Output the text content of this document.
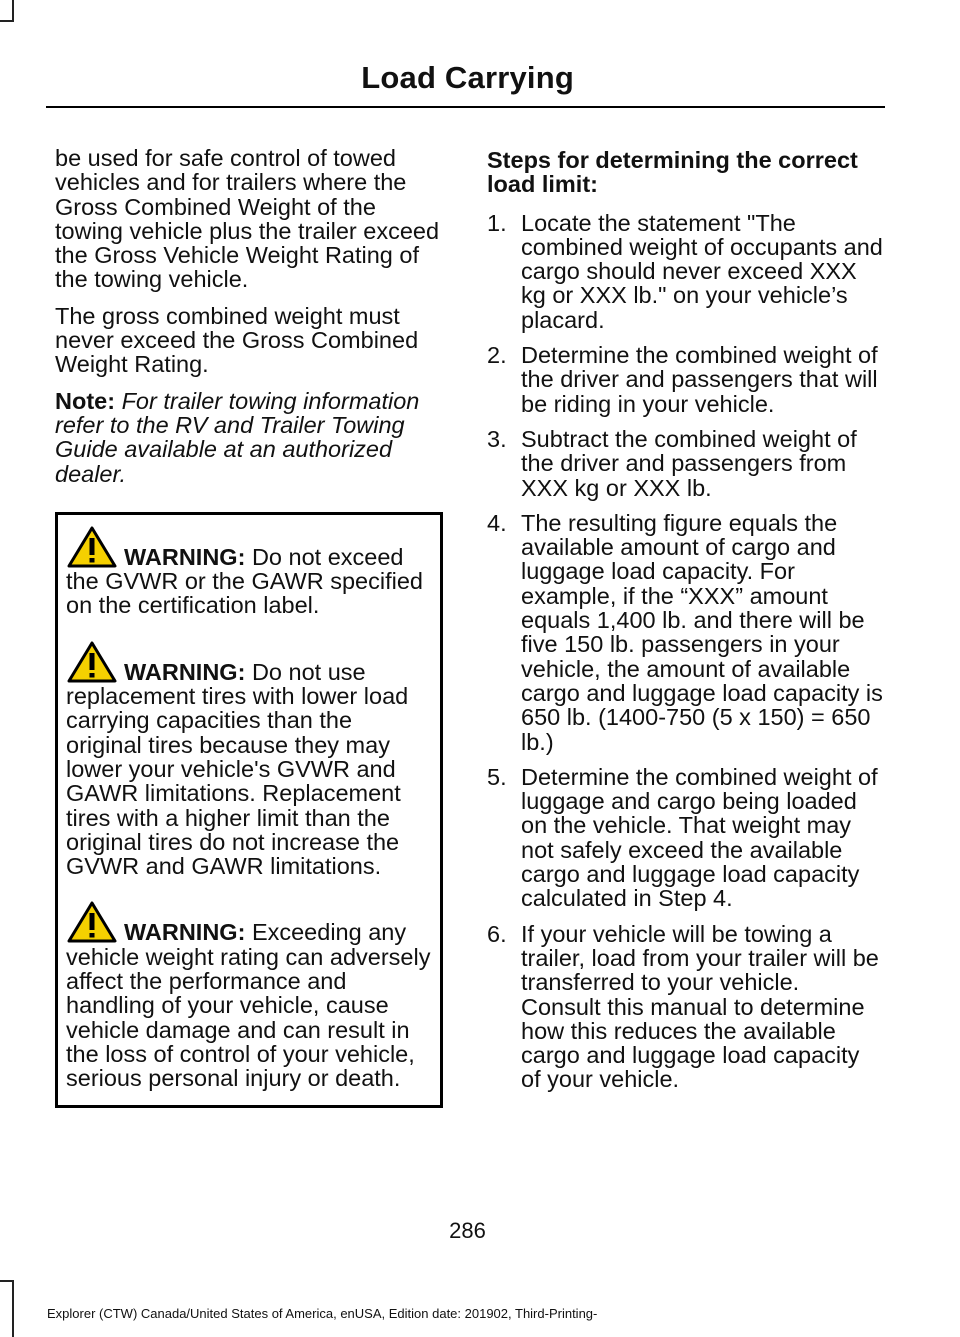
Load Carrying

be used for safe control of towed vehicles and for trailers where the Gross Combined Weight of the towing vehicle plus the trailer exceed the Gross Vehicle Weight Rating of the towing vehicle.

The gross combined weight must never exceed the Gross Combined Weight Rating.

Note: For trailer towing information refer to the RV and Trailer Towing Guide available at an authorized dealer.

WARNING: Do not exceed the GVWR or the GAWR specified on the certification label.
WARNING: Do not use replacement tires with lower load carrying capacities than the original tires because they may lower your vehicle's GVWR and GAWR limitations. Replacement tires with a higher limit than the original tires do not increase the GVWR and GAWR limitations.
WARNING: Exceeding any vehicle weight rating can adversely affect the performance and handling of your vehicle, cause vehicle damage and can result in the loss of control of your vehicle, serious personal injury or death.
Steps for determining the correct load limit:
1. Locate the statement "The combined weight of occupants and cargo should never exceed XXX kg or XXX lb." on your vehicle’s placard.
2. Determine the combined weight of the driver and passengers that will be riding in your vehicle.
3. Subtract the combined weight of the driver and passengers from XXX kg or XXX lb.
4. The resulting figure equals the available amount of cargo and luggage load capacity. For example, if the “XXX” amount equals 1,400 lb. and there will be five 150 lb. passengers in your vehicle, the amount of available cargo and luggage load capacity is 650 lb. (1400-750 (5 x 150) = 650 lb.)
5. Determine the combined weight of luggage and cargo being loaded on the vehicle. That weight may not safely exceed the available cargo and luggage load capacity calculated in Step 4.
6. If your vehicle will be towing a trailer, load from your trailer will be transferred to your vehicle. Consult this manual to determine how this reduces the available cargo and luggage load capacity of your vehicle.
286
Explorer (CTW) Canada/United States of America, enUSA, Edition date: 201902, Third-Printing-
